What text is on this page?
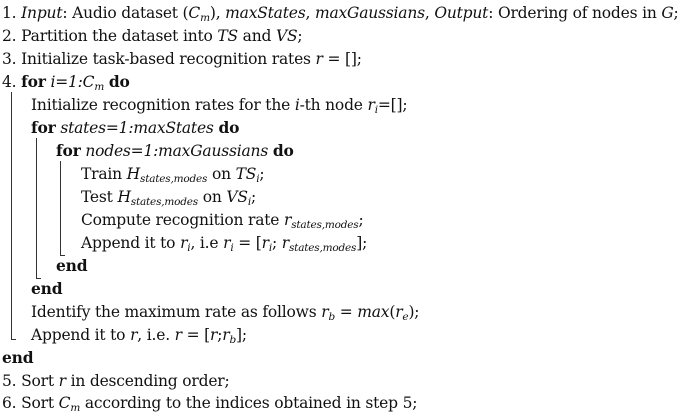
1. Input: Audio dataset $(C_m)$, maxStates, maxGaussians, Output: Ordering of nodes in G;
2. Partition the dataset into TS and VS;
3. Initialize task-based recognition rates r = [];
4. for $i=1:C_m$ do
Initialize recognition rates for the i-th node $r_i=[]$;
for states=1:maxStates do
for nodes=1:maxGaussians do
Train $H_{states,modes}$ on $TS_i$;
Test $H_{states,modes}$ on $VS_i$;
Compute recognition rate $r_{states,modes}$;
Append it to $r_i$, i.e $r_i = [r_i$; $r_{states,modes}$];
end
end
Identify the maximum rate as follows $r_b = \max(r_e)$;
Append it to r, i.e. $r = [r;r_b]$;
end
5. Sort r in descending order;
6. Sort $C_m$ according to the indices obtained in step 5;
